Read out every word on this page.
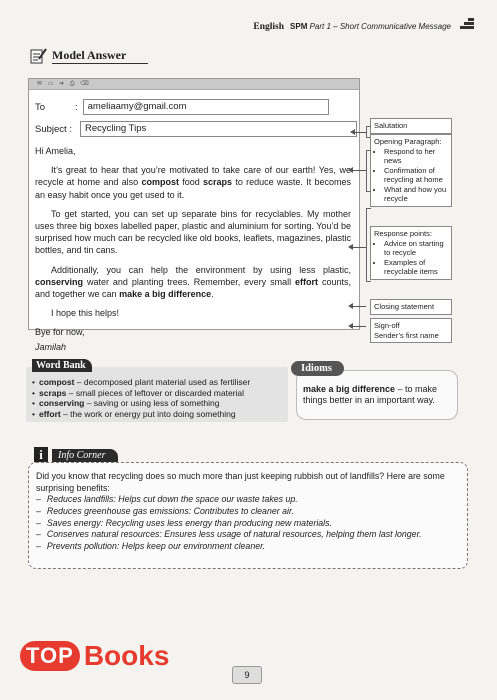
English SPM Part 1 – Short Communicative Message
Model Answer
✉ ▭ ➜ ⎙ ⌫
To	:	ameliaamy@gmail.com
Subject :	Recycling Tips

Hi Amelia,

It’s great to hear that you’re motivated to take care of our earth! Yes, we recycle at home and also compost food scraps to reduce waste. It becomes an easy habit once you get used to it.

To get started, you can set up separate bins for recyclables. My mother uses three big boxes labelled paper, plastic and aluminium for sorting. You’d be surprised how much can be recycled like old books, leaflets, magazines, plastic bottles, and tin cans.

Additionally, you can help the environment by using less plastic, conserving water and planting trees. Remember, every small effort counts, and together we can make a big difference.

I hope this helps!

Bye for now,

Jamilah

Salutation
Opening Paragraph:
• Respond to her news
• Confirmation of recycling at home
• What and how you recycle
Response points:
• Advice on starting to recycle
• Examples of recyclable items
Closing statement
Sign-off
Sender’s first name
Word Bank
• compost – decomposed plant material used as fertiliser
• scraps – small pieces of leftover or discarded material
• conserving – saving or using less of something
• effort – the work or energy put into doing something
Idioms
make a big difference – to make things better in an important way.
i	Info Corner
Did you know that recycling does so much more than just keeping rubbish out of landfills? Here are some surprising benefits:
– Reduces landfills: Helps cut down the space our waste takes up.
– Reduces greenhouse gas emissions: Contributes to cleaner air.
– Saves energy: Recycling uses less energy than producing new materials.
– Conserves natural resources: Ensures less usage of natural resources, helping them last longer.
– Prevents pollution: Helps keep our environment cleaner.
TOP Books
9
